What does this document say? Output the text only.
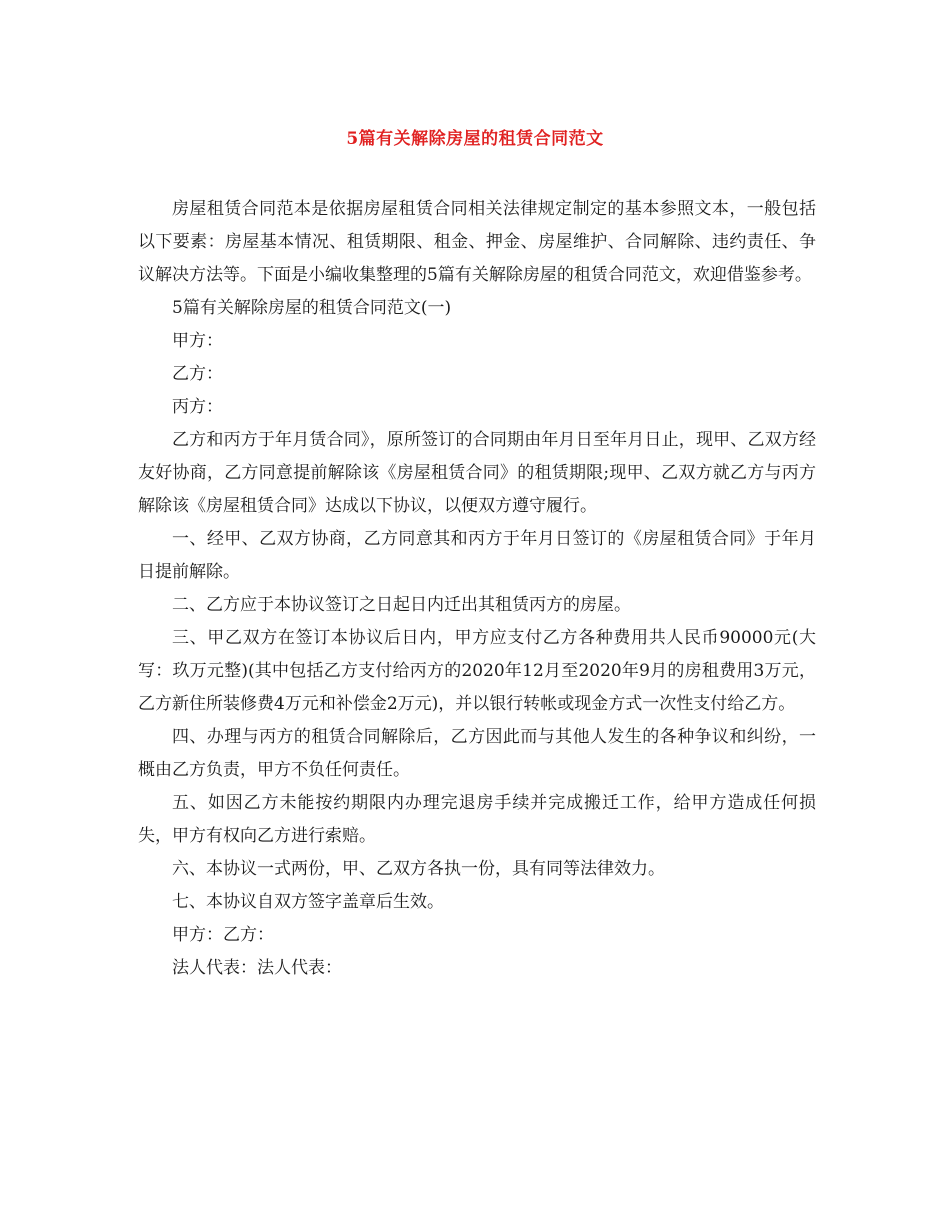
5篇有关解除房屋的租赁合同范文

房屋租赁合同范本是依据房屋租赁合同相关法律规定制定的基本参照文本，一般包括以下要素：房屋基本情况、租赁期限、租金、押金、房屋维护、合同解除、违约责任、争议解决方法等。下面是小编收集整理的5篇有关解除房屋的租赁合同范文，欢迎借鉴参考。

5篇有关解除房屋的租赁合同范文(一)

甲方：

乙方：

丙方：

乙方和丙方于年月赁合同》，原所签订的合同期由年月日至年月日止，现甲、乙双方经友好协商，乙方同意提前解除该《房屋租赁合同》的租赁期限;现甲、乙双方就乙方与丙方解除该《房屋租赁合同》达成以下协议，以便双方遵守履行。

一、经甲、乙双方协商，乙方同意其和丙方于年月日签订的《房屋租赁合同》于年月日提前解除。

二、乙方应于本协议签订之日起日内迁出其租赁丙方的房屋。

三、甲乙双方在签订本协议后日内，甲方应支付乙方各种费用共人民币90000元(大写：玖万元整)(其中包括乙方支付给丙方的2020年12月至2020年9月的房租费用3万元，乙方新住所装修费4万元和补偿金2万元)，并以银行转帐或现金方式一次性支付给乙方。

四、办理与丙方的租赁合同解除后，乙方因此而与其他人发生的各种争议和纠纷，一概由乙方负责，甲方不负任何责任。

五、如因乙方未能按约期限内办理完退房手续并完成搬迁工作，给甲方造成任何损失，甲方有权向乙方进行索赔。

六、本协议一式两份，甲、乙双方各执一份，具有同等法律效力。

七、本协议自双方签字盖章后生效。

甲方：乙方：

法人代表：法人代表：
